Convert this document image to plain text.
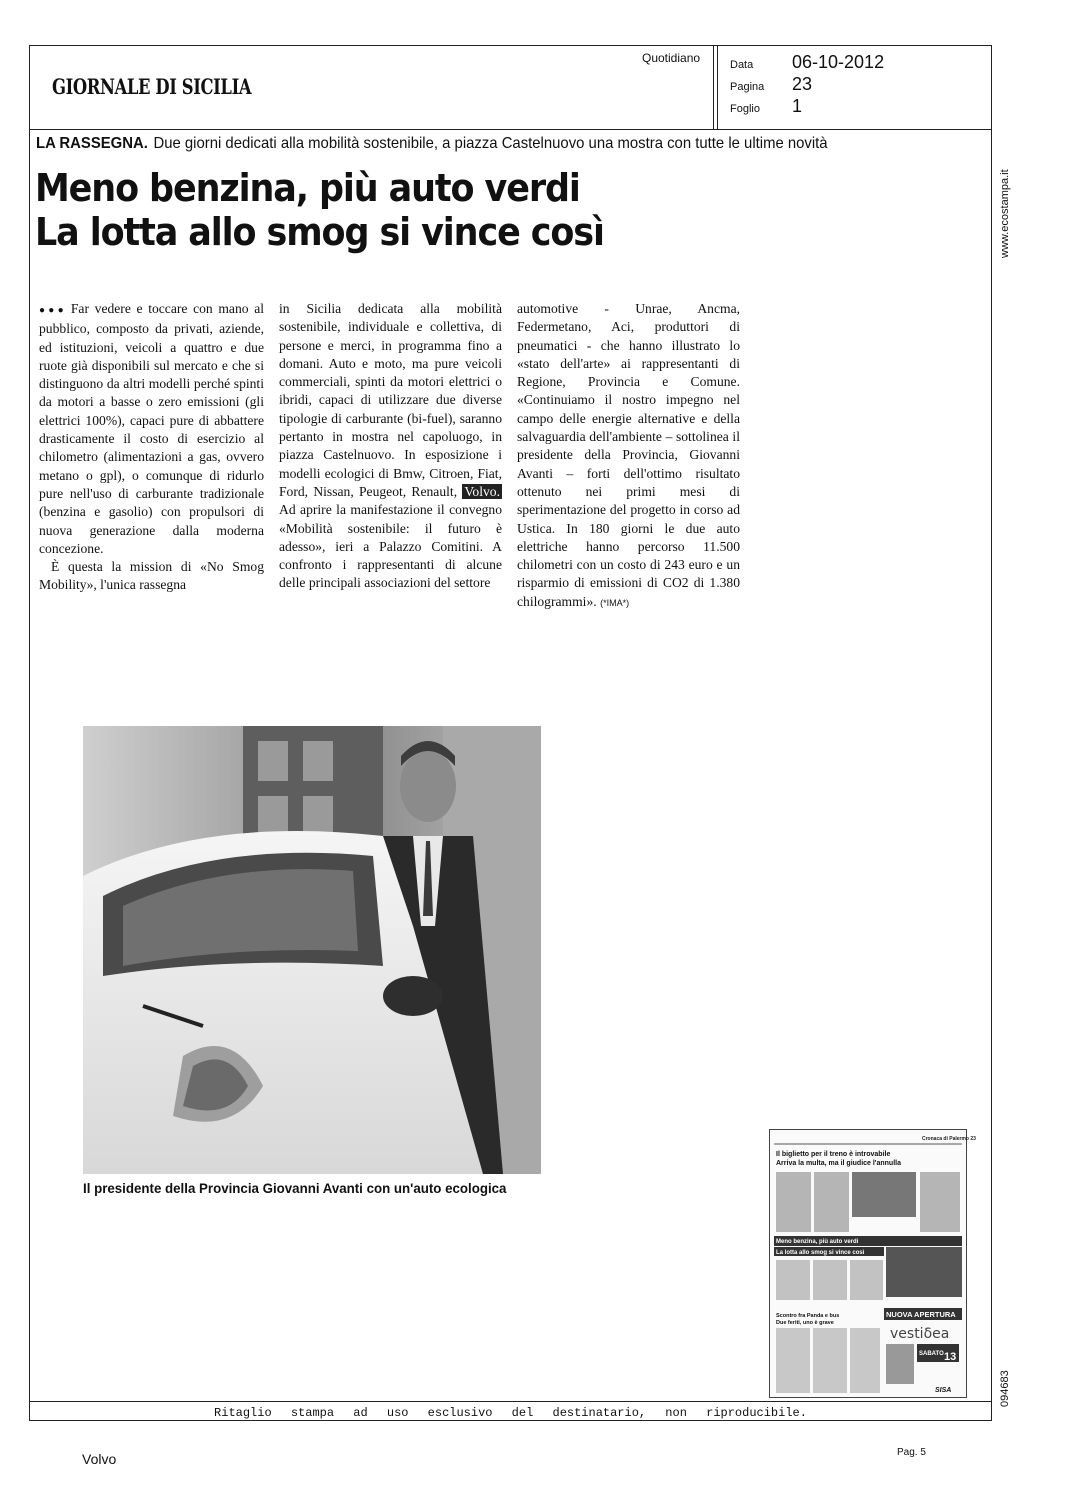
GIORNALE DI SICILIA
Quotidiano	Data	06-10-2012
Pagina	23
Foglio	1
LA RASSEGNA. Due giorni dedicati alla mobilità sostenibile, a piazza Castelnuovo una mostra con tutte le ultime novità
Meno benzina, più auto verdi
La lotta allo smog si vince così

●●● Far vedere e toccare con mano al pubblico, composto da privati, aziende, ed istituzioni, veicoli a quattro e due ruote già disponibili sul mercato e che si distinguono da altri modelli perché spinti da motori a basse o zero emissioni (gli elettrici 100%), capaci pure di abbattere drasticamente il costo di esercizio al chilometro (alimentazioni a gas, ovvero metano o gpl), o comunque di ridurlo pure nell'uso di carburante tradizionale (benzina e gasolio) con propulsori di nuova generazione dalla moderna concezione.

È questa la mission di «No Smog Mobility», l'unica rassegna

in Sicilia dedicata alla mobilità sostenibile, individuale e collettiva, di persone e merci, in programma fino a domani. Auto e moto, ma pure veicoli commerciali, spinti da motori elettrici o ibridi, capaci di utilizzare due diverse tipologie di carburante (bi-fuel), saranno pertanto in mostra nel capoluogo, in piazza Castelnuovo. In esposizione i modelli ecologici di Bmw, Citroen, Fiat, Ford, Nissan, Peugeot, Renault, Volvo. Ad aprire la manifestazione il convegno «Mobilità sostenibile: il futuro è adesso», ieri a Palazzo Comitini. A confronto i rappresentanti di alcune delle principali associazioni del settore

automotive - Unrae, Ancma, Federmetano, Aci, produttori di pneumatici - che hanno illustrato lo «stato dell'arte» ai rappresentanti di Regione, Provincia e Comune. «Continuiamo il nostro impegno nel campo delle energie alternative e della salvaguardia dell'ambiente – sottolinea il presidente della Provincia, Giovanni Avanti – forti dell'ottimo risultato ottenuto nei primi mesi di sperimentazione del progetto in corso ad Ustica. In 180 giorni le due auto elettriche hanno percorso 11.500 chilometri con un costo di 243 euro e un risparmio di emissioni di CO2 di 1.380 chilogrammi». (*IMA*)

Il presidente della Provincia Giovanni Avanti con un'auto ecologica
Cronaca di Palermo 23
Il biglietto per il treno è introvabile
Arriva la multa, ma il giudice l'annulla
Meno benzina, più auto verdi
La lotta allo smog si vince così
Scontro fra Panda e bus
Due feriti, uno è grave
NUOVA APERTURA
vestiδea
SABATO 13
SISA
Ritaglio stampa ad uso esclusivo del destinatario, non riproducibile.
www.ecostampa.it
094683
Volvo	Pag. 5
